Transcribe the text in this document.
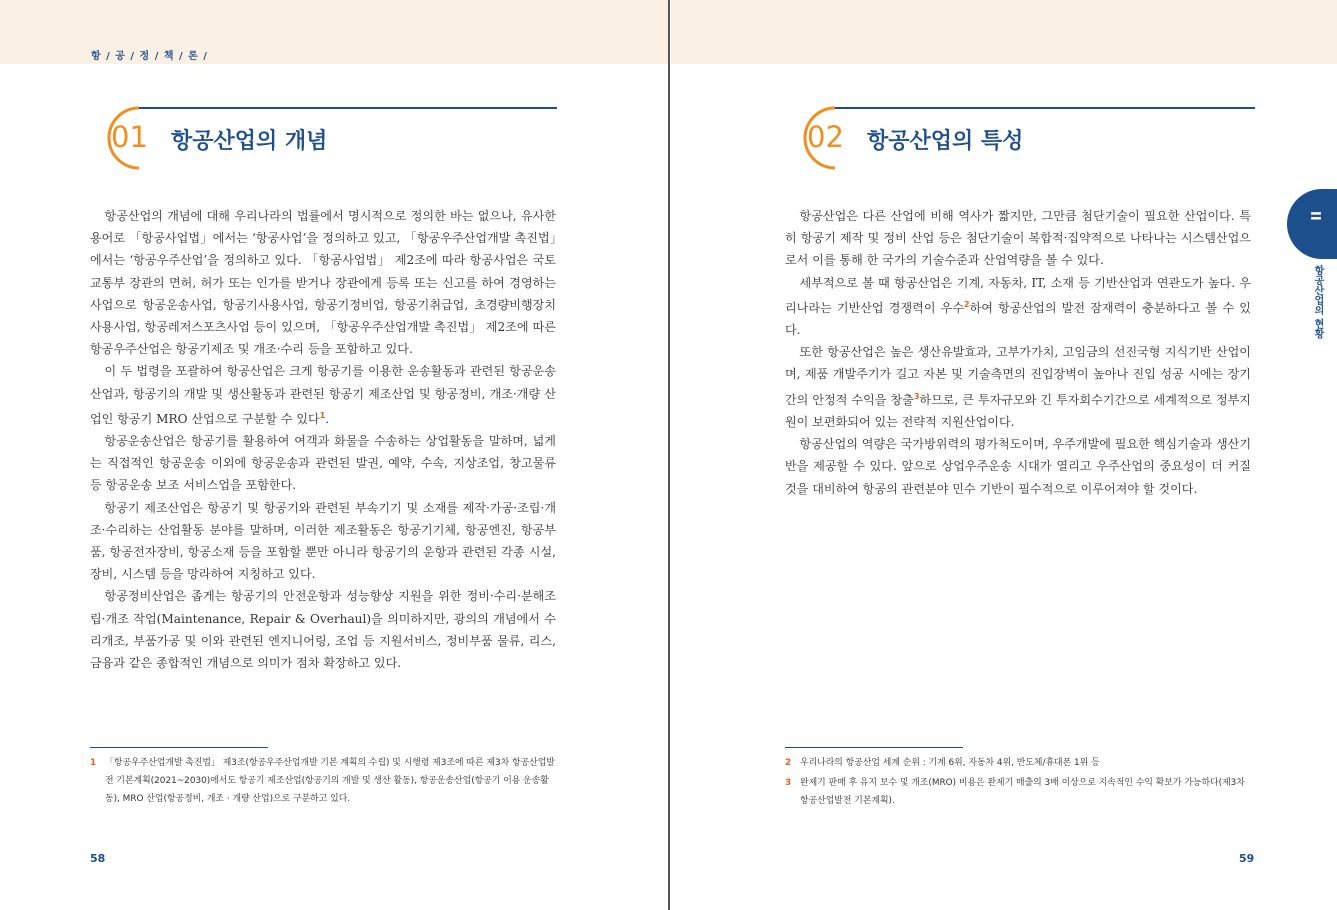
항 / 공 / 정 / 책 / 론 /
01 항공산업의 개념

항공산업의 개념에 대해 우리나라의 법률에서 명시적으로 정의한 바는 없으나, 유사한 용어로 「항공사업법」에서는 ‘항공사업’을 정의하고 있고, 「항공우주산업개발 촉진법」에서는 ‘항공우주산업’을 정의하고 있다. 「항공사업법」 제2조에 따라 항공사업은 국토교통부 장관의 면허, 허가 또는 인가를 받거나 장관에게 등록 또는 신고를 하여 경영하는 사업으로 항공운송사업, 항공기사용사업, 항공기정비업, 항공기취급업, 초경량비행장치사용사업, 항공레저스포츠사업 등이 있으며, 「항공우주산업개발 촉진법」 제2조에 따른 항공우주산업은 항공기제조 및 개조·수리 등을 포함하고 있다.

이 두 법령을 포괄하여 항공산업은 크게 항공기를 이용한 운송활동과 관련된 항공운송산업과, 항공기의 개발 및 생산활동과 관련된 항공기 제조산업 및 항공정비, 개조·개량 산업인 항공기 MRO 산업으로 구분할 수 있다$^1$.

항공운송산업은 항공기를 활용하여 여객과 화물을 수송하는 상업활동을 말하며, 넓게는 직접적인 항공운송 이외에 항공운송과 관련된 발권, 예약, 수속, 지상조업, 창고물류 등 항공운송 보조 서비스업을 포함한다.

항공기 제조산업은 항공기 및 항공기와 관련된 부속기기 및 소재를 제작·가공·조립·개조·수리하는 산업활동 분야를 말하며, 이러한 제조활동은 항공기기체, 항공엔진, 항공부품, 항공전자장비, 항공소재 등을 포함할 뿐만 아니라 항공기의 운항과 관련된 각종 시설, 장비, 시스템 등을 망라하여 지칭하고 있다.

항공정비산업은 좁게는 항공기의 안전운항과 성능향상 지원을 위한 정비·수리·분해조립·개조 작업(Maintenance, Repair & Overhaul)을 의미하지만, 광의의 개념에서 수리개조, 부품가공 및 이와 관련된 엔지니어링, 조업 등 지원서비스, 정비부품 물류, 리스, 금융과 같은 종합적인 개념으로 의미가 점차 확장하고 있다.

1 「항공우주산업개발 촉진법」 제3조(항공우주산업개발 기본 계획의 수립) 및 시행령 제3조에 따른 제3차 항공산업발전 기본계획(2021~2030)에서도 항공기 제조산업(항공기의 개발 및 생산 활동), 항공운송산업(항공기 이용 운송활동), MRO 산업(항공정비, 개조 · 개량 산업)으로 구분하고 있다.
58
02 항공산업의 특성

항공산업은 다른 산업에 비해 역사가 짧지만, 그만큼 첨단기술이 필요한 산업이다. 특히 항공기 제작 및 정비 산업 등은 첨단기술이 복합적·집약적으로 나타나는 시스템산업으로서 이를 통해 한 국가의 기술수준과 산업역량을 볼 수 있다.

세부적으로 볼 때 항공산업은 기계, 자동차, IT, 소재 등 기반산업과 연관도가 높다. 우리나라는 기반산업 경쟁력이 우수$^2$하여 항공산업의 발전 잠재력이 충분하다고 볼 수 있다.

또한 항공산업은 높은 생산유발효과, 고부가가치, 고임금의 선진국형 지식기반 산업이며, 제품 개발주기가 길고 자본 및 기술측면의 진입장벽이 높아나 진입 성공 시에는 장기간의 안정적 수익을 창출$^3$하므로, 큰 투자규모와 긴 투자회수기간으로 세계적으로 정부지원이 보편화되어 있는 전략적 지원산업이다.

항공산업의 역량은 국가방위력의 평가척도이며, 우주개발에 필요한 핵심기술과 생산기반을 제공할 수 있다. 앞으로 상업우주운송 시대가 열리고 우주산업의 중요성이 더 커질 것을 대비하여 항공의 관련분야 민수 기반이 필수적으로 이루어져야 할 것이다.

2 우리나라의 항공산업 세계 순위 : 기계 6위, 자동차 4위, 반도체/휴대폰 1위 등
3 완제기 판매 후 유지 보수 및 개조(MRO) 비용은 완제기 매출의 3배 이상으로 지속적인 수익 확보가 가능하다(제3차 항공산업발전 기본계획).
59
II
항공산업의 현황
